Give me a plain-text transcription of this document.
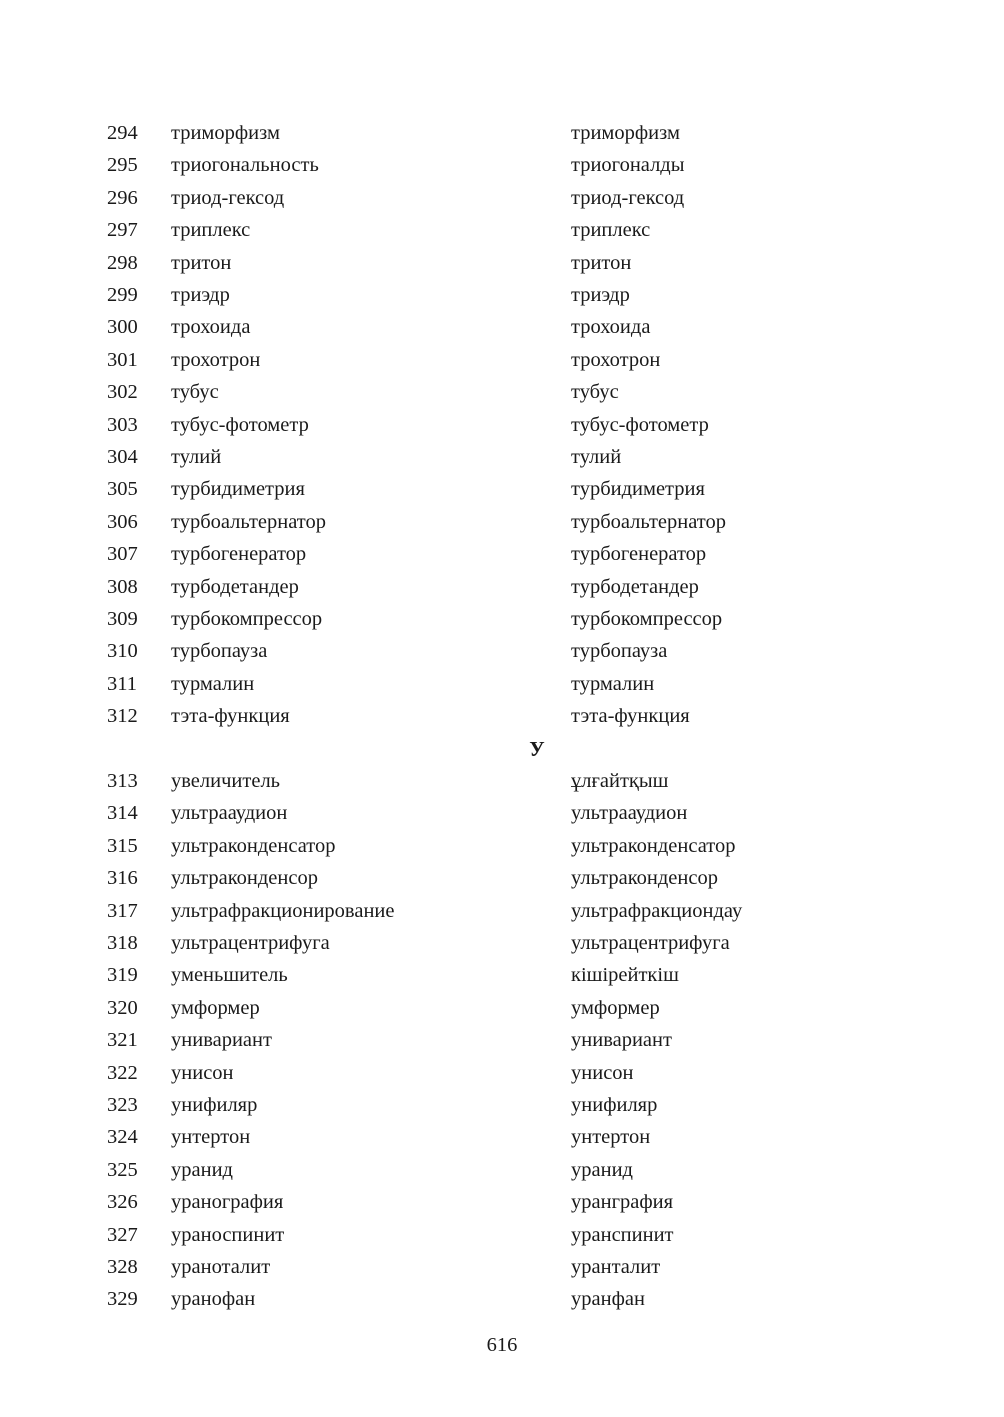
294 триморфизм	триморфизм
295 триогональность	триогоналды
296 триод-гексод	триод-гексод
297 триплекс	триплекс
298 тритон	тритон
299 триэдр	триэдр
300 трохоида	трохоида
301 трохотрон	трохотрон
302 тубус	тубус
303 тубус-фотометр	тубус-фотометр
304 тулий	тулий
305 турбидиметрия	турбидиметрия
306 турбоальтернатор	турбоальтернатор
307 турбогенератор	турбогенератор
308 турбодетандер	турбодетандер
309 турбокомпрессор	турбокомпрессор
310 турбопауза	турбопауза
311 турмалин	турмалин
312 тэта-функция	тэта-функция
У
313 увеличитель	ұлғайтқыш
314 ультрааудион	ультрааудион
315 ультраконденсатор	ультраконденсатор
316 ультраконденсор	ультраконденсор
317 ультрафракционирование	ультрафракциондау
318 ультрацентрифуга	ультрацентрифуга
319 уменьшитель	кішірейткіш
320 умформер	умформер
321 унивариант	унивариант
322 унисон	унисон
323 унифиляр	унифиляр
324 унтертон	унтертон
325 уранид	уранид
326 уранография	уранграфия
327 ураноспинит	уранспинит
328 ураноталит	уранталит
329 уранофан	уранфан
616
